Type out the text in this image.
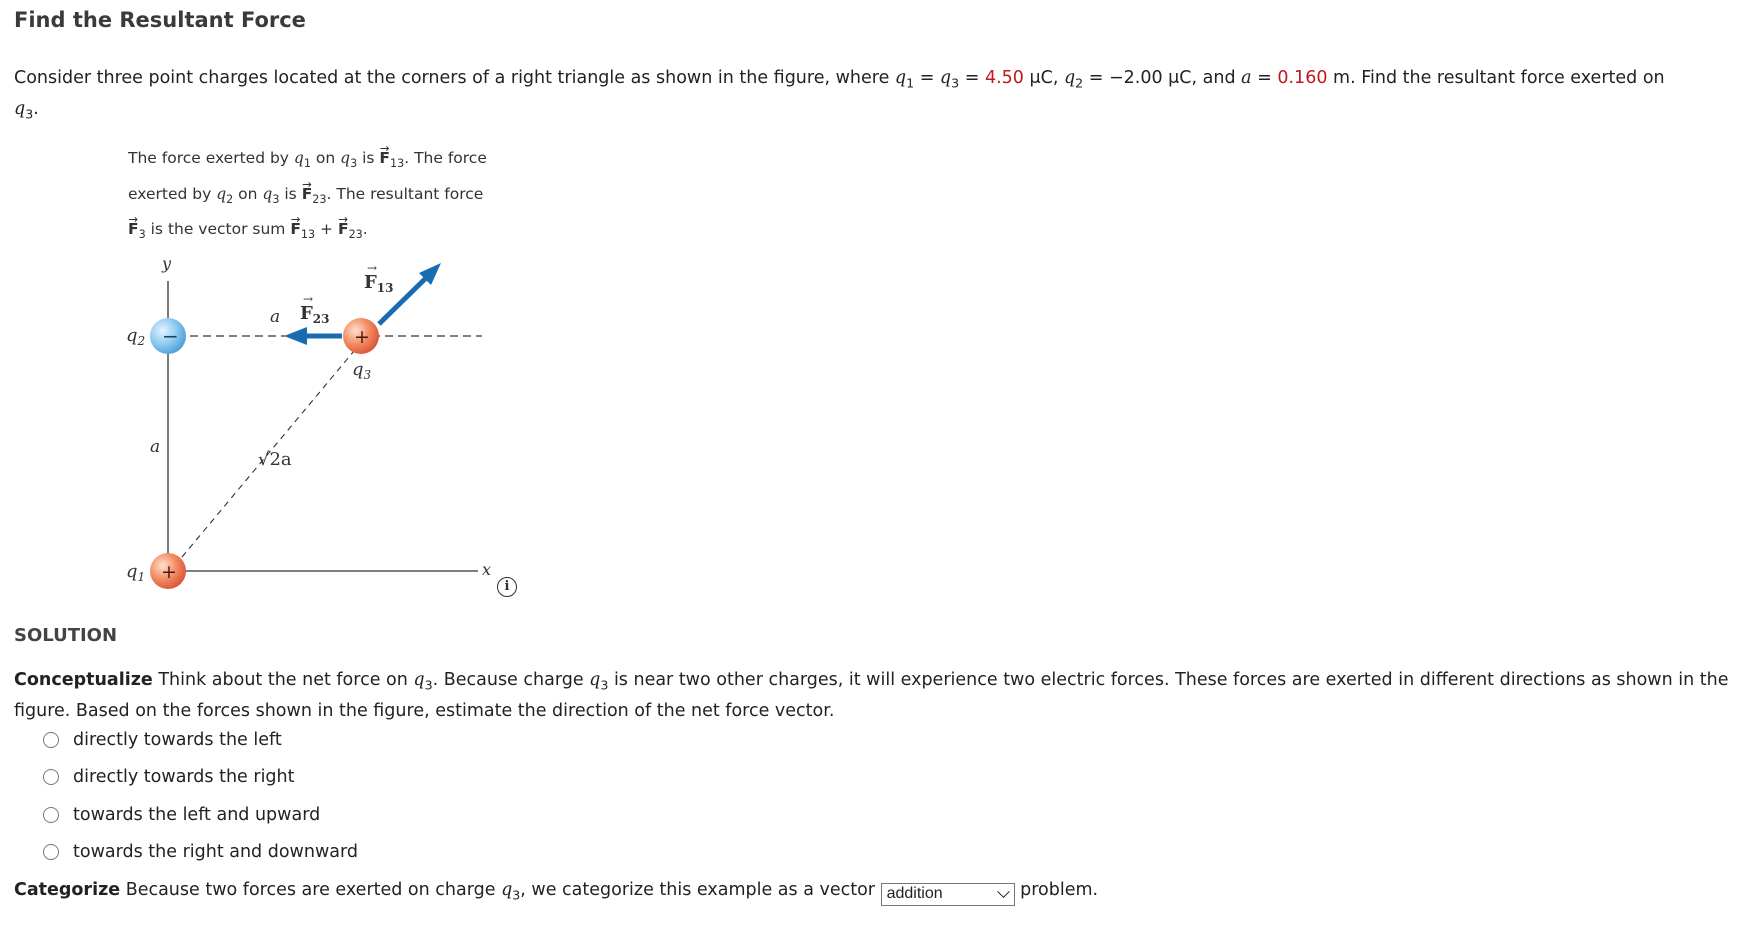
Find the Resultant Force
Consider three point charges located at the corners of a right triangle as shown in the figure, where $q_1 = q_3 = 4.50$ μC, $q_2 = -2.00$ μC, and a = 0.160 m. Find the resultant force exerted on
$q_3$.
The force exerted by $q_1$ on $q_3$ is → $F_{13}$. The force
exerted by $q_2$ on $q_3$ is → $F_{23}$. The resultant force
→ $F_3$ is the vector sum → $F_{13}$ + → $F_{23}$.
y
x
−
+
+
$q_2$
$q_1$
$q_3$
a
a
√2a
$F_{23}$
→
$F_{13}$
→
i
SOLUTION
Conceptualize Think about the net force on $q_3$. Because charge $q_3$ is near two other charges, it will experience two electric forces. These forces are exerted in different directions as shown in the figure. Based on the forces shown in the figure, estimate the direction of the net force vector.
directly towards the left
directly towards the right
towards the left and upward
towards the right and downward
Categorize Because two forces are exerted on charge $q_3$, we categorize this example as a vector addition	problem.
